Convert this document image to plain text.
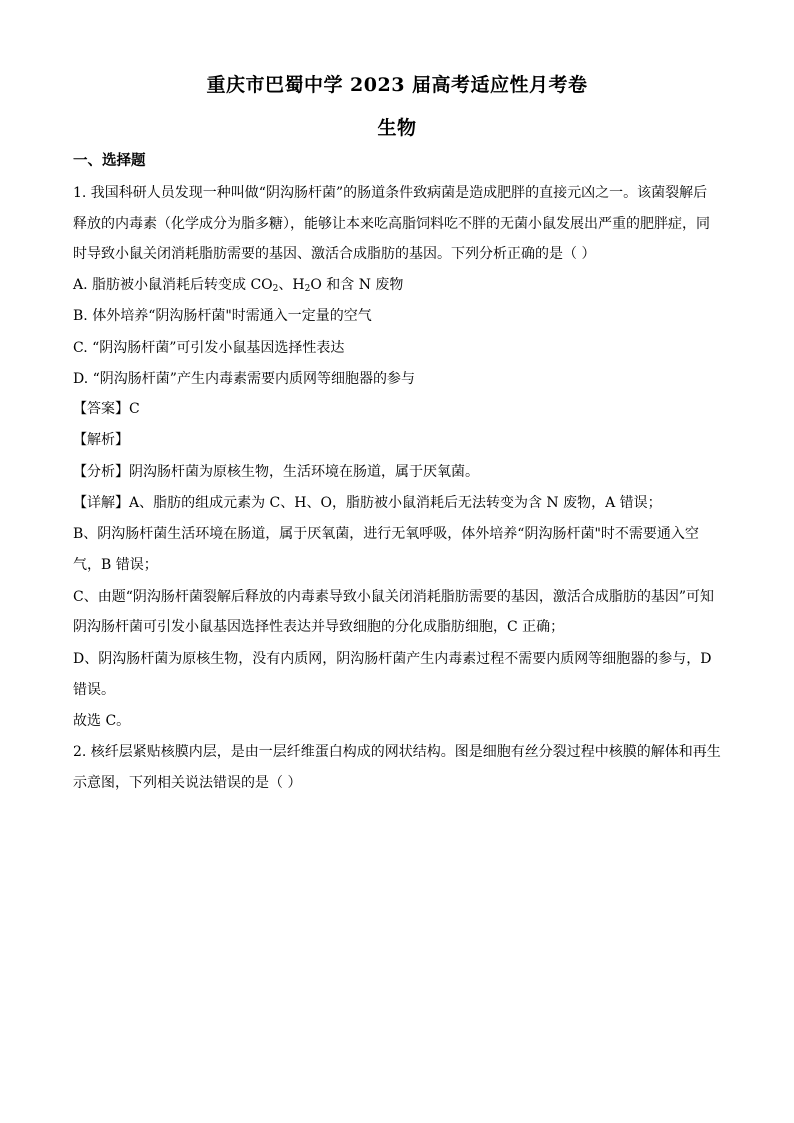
重庆市巴蜀中学 2023 届高考适应性月考卷
生物
一、选择题
1. 我国科研人员发现一种叫做“阴沟肠杆菌”的肠道条件致病菌是造成肥胖的直接元凶之一。该菌裂解后
释放的内毒素（化学成分为脂多糖），能够让本来吃高脂饲料吃不胖的无菌小鼠发展出严重的肥胖症，同
时导致小鼠关闭消耗脂肪需要的基因、激活合成脂肪的基因。下列分析正确的是（ ）
A. 脂肪被小鼠消耗后转变成 $CO_2$、$H_2O$ 和含 N 废物
B. 体外培养“阴沟肠杆菌"时需通入一定量的空气
C. “阴沟肠杆菌”可引发小鼠基因选择性表达
D. “阴沟肠杆菌”产生内毒素需要内质网等细胞器的参与
【答案】C
【解析】
【分析】阴沟肠杆菌为原核生物，生活环境在肠道，属于厌氧菌。
【详解】A、脂肪的组成元素为 C、H、O，脂肪被小鼠消耗后无法转变为含 N 废物，A 错误；
B、阴沟肠杆菌生活环境在肠道，属于厌氧菌，进行无氧呼吸，体外培养“阴沟肠杆菌"时不需要通入空
气，B 错误；
C、由题“阴沟肠杆菌裂解后释放的内毒素导致小鼠关闭消耗脂肪需要的基因，激活合成脂肪的基因”可知
阴沟肠杆菌可引发小鼠基因选择性表达并导致细胞的分化成脂肪细胞，C 正确；
D、阴沟肠杆菌为原核生物，没有内质网，阴沟肠杆菌产生内毒素过程不需要内质网等细胞器的参与，D
错误。
故选 C。
2. 核纤层紧贴核膜内层，是由一层纤维蛋白构成的网状结构。图是细胞有丝分裂过程中核膜的解体和再生
示意图，下列相关说法错误的是（ ）
